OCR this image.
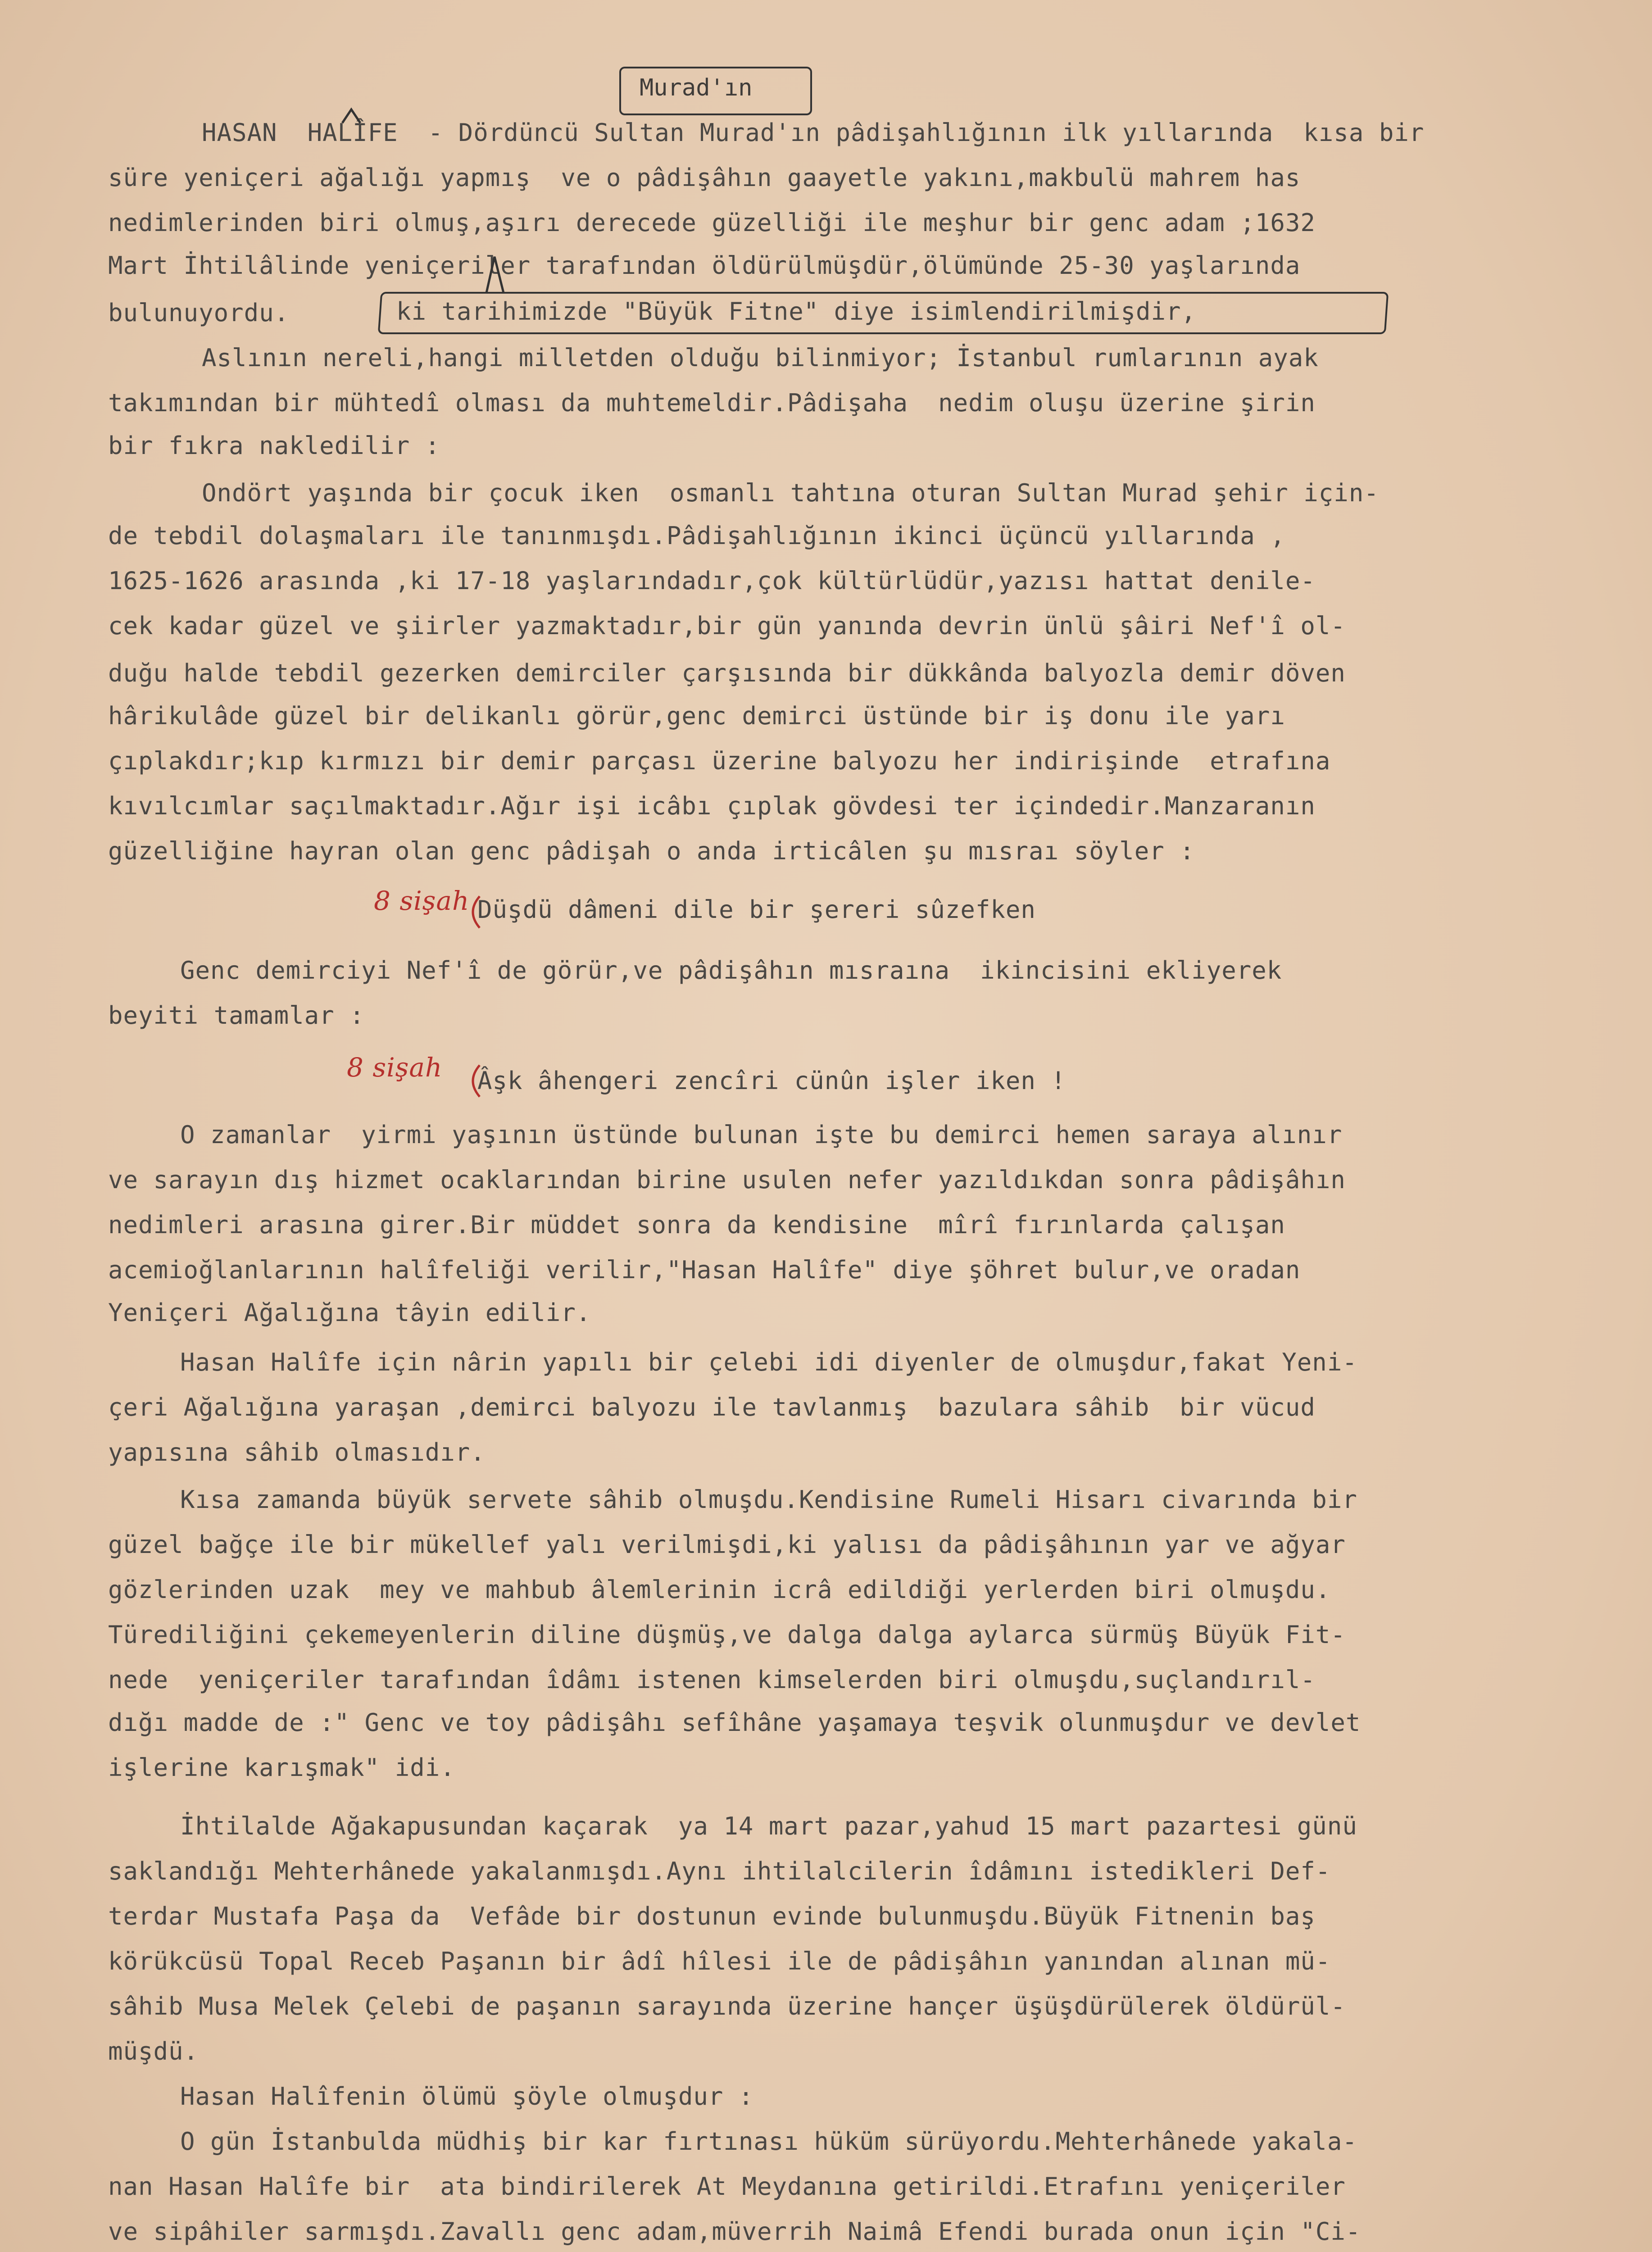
Murad'ın
HASAN  HALÎFE  - Dördüncü Sultan Murad'ın pâdişahlığının ilk yıllarında  kısa bir
süre yeniçeri ağalığı yapmış  ve o pâdişâhın gaayetle yakını,makbulü mahrem has
nedimlerinden biri olmuş,aşırı derecede güzelliği ile meşhur bir genc adam ;1632
Mart İhtilâlinde yeniçeriler tarafından öldürülmüşdür,ölümünde 25-30 yaşlarında
bulunuyordu.	ki tarihimizde "Büyük Fitne" diye isimlendirilmişdir,
Aslının nereli,hangi milletden olduğu bilinmiyor; İstanbul rumlarının ayak
takımından bir mühtedî olması da muhtemeldir.Pâdişaha  nedim oluşu üzerine şirin
bir fıkra nakledilir :
Ondört yaşında bir çocuk iken  osmanlı tahtına oturan Sultan Murad şehir için-
de tebdil dolaşmaları ile tanınmışdı.Pâdişahlığının ikinci üçüncü yıllarında ,
1625-1626 arasında ,ki 17-18 yaşlarındadır,çok kültürlüdür,yazısı hattat denile-
cek kadar güzel ve şiirler yazmaktadır,bir gün yanında devrin ünlü şâiri Nef'î ol-
duğu halde tebdil gezerken demirciler çarşısında bir dükkânda balyozla demir döven
hârikulâde güzel bir delikanlı görür,genc demirci üstünde bir iş donu ile yarı
çıplakdır;kıp kırmızı bir demir parçası üzerine balyozu her indirişinde  etrafına
kıvılcımlar saçılmaktadır.Ağır işi icâbı çıplak gövdesi ter içindedir.Manzaranın
güzelliğine hayran olan genc pâdişah o anda irticâlen şu mısraı söyler :
8 sişah Düşdü dâmeni dile bir şereri sûzefken
Genc demirciyi Nef'î de görür,ve pâdişâhın mısraına  ikincisini ekliyerek
beyiti tamamlar :
8 sişah Âşk âhengeri zencîri cünûn işler iken !
O zamanlar  yirmi yaşının üstünde bulunan işte bu demirci hemen saraya alınır
ve sarayın dış hizmet ocaklarından birine usulen nefer yazıldıkdan sonra pâdişâhın
nedimleri arasına girer.Bir müddet sonra da kendisine  mîrî fırınlarda çalışan
acemioğlanlarının halîfeliği verilir,"Hasan Halîfe" diye şöhret bulur,ve oradan
Yeniçeri Ağalığına tâyin edilir.
Hasan Halîfe için nârin yapılı bir çelebi idi diyenler de olmuşdur,fakat Yeni-
çeri Ağalığına yaraşan ,demirci balyozu ile tavlanmış  bazulara sâhib  bir vücud
yapısına sâhib olmasıdır.
Kısa zamanda büyük servete sâhib olmuşdu.Kendisine Rumeli Hisarı civarında bir
güzel bağçe ile bir mükellef yalı verilmişdi,ki yalısı da pâdişâhının yar ve ağyar
gözlerinden uzak  mey ve mahbub âlemlerinin icrâ edildiği yerlerden biri olmuşdu.
Türediliğini çekemeyenlerin diline düşmüş,ve dalga dalga aylarca sürmüş Büyük Fit-
nede  yeniçeriler tarafından îdâmı istenen kimselerden biri olmuşdu,suçlandırıl-
dığı madde de :" Genc ve toy pâdişâhı sefîhâne yaşamaya teşvik olunmuşdur ve devlet
işlerine karışmak" idi.
İhtilalde Ağakapusundan kaçarak  ya 14 mart pazar,yahud 15 mart pazartesi günü
saklandığı Mehterhânede yakalanmışdı.Aynı ihtilalcilerin îdâmını istedikleri Def-
terdar Mustafa Paşa da  Vefâde bir dostunun evinde bulunmuşdu.Büyük Fitnenin baş
körükcüsü Topal Receb Paşanın bir âdî hîlesi ile de pâdişâhın yanından alınan mü-
sâhib Musa Melek Çelebi de paşanın sarayında üzerine hançer üşüşdürülerek öldürül-
müşdü.
Hasan Halîfenin ölümü şöyle olmuşdur :
O gün İstanbulda müdhiş bir kar fırtınası hüküm sürüyordu.Mehterhânede yakala-
nan Hasan Halîfe bir  ata bindirilerek At Meydanına getirildi.Etrafını yeniçeriler
ve sipâhiler sarmışdı.Zavallı genc adam,müverrih Naimâ Efendi burada onun için "Ci-
